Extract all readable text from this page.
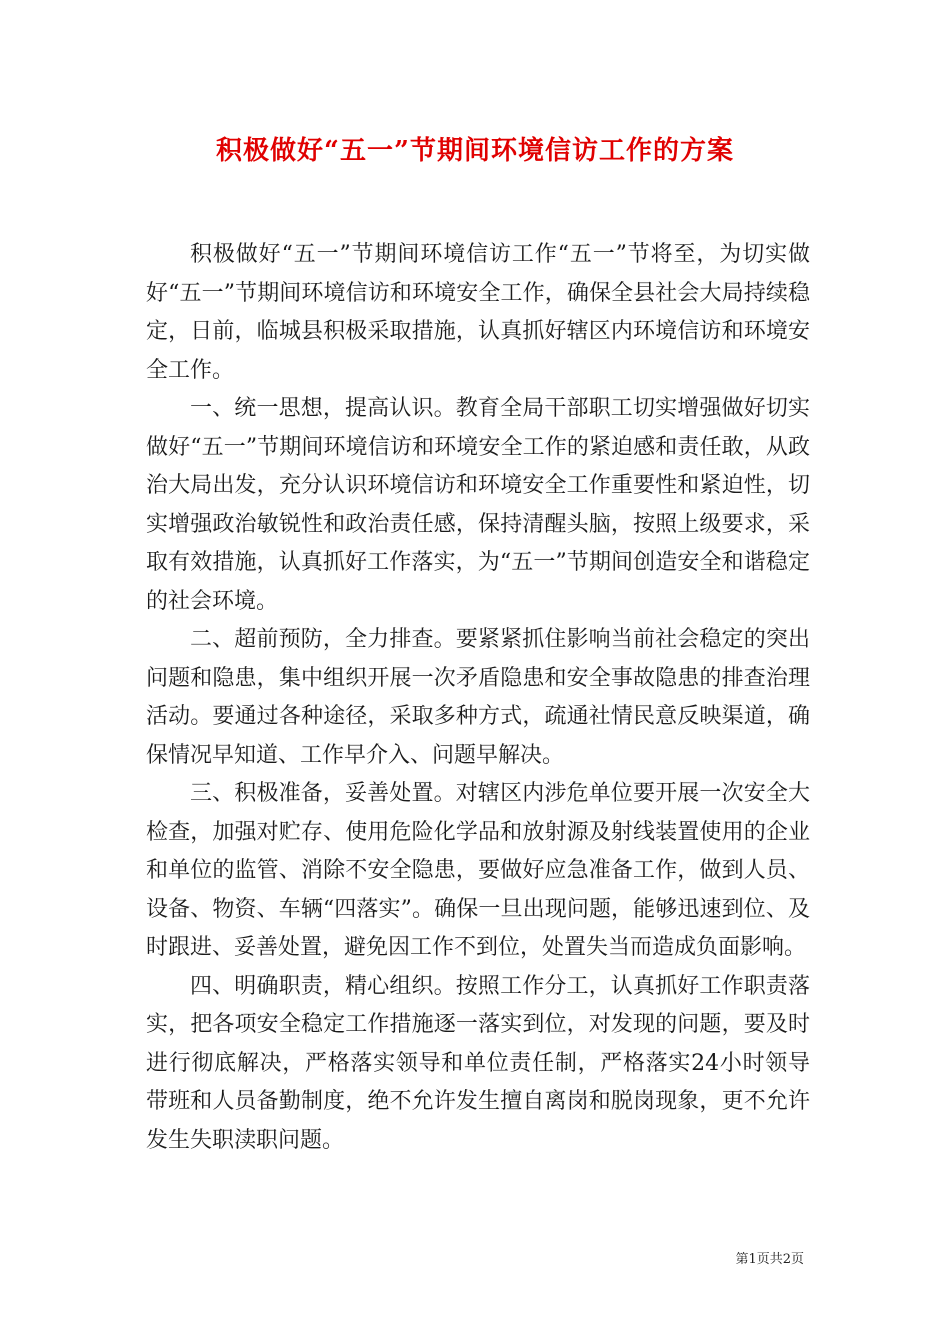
积极做好“五一”节期间环境信访工作的方案

积极做好“五一”节期间环境信访工作“五一”节将至，为切实做好“五一”节期间环境信访和环境安全工作，确保全县社会大局持续稳定，日前，临城县积极采取措施，认真抓好辖区内环境信访和环境安全工作。

一、统一思想，提高认识。教育全局干部职工切实增强做好切实做好“五一”节期间环境信访和环境安全工作的紧迫感和责任敢，从政治大局出发，充分认识环境信访和环境安全工作重要性和紧迫性，切实增强政治敏锐性和政治责任感，保持清醒头脑，按照上级要求，采取有效措施，认真抓好工作落实，为“五一”节期间创造安全和谐稳定的社会环境。

二、超前预防，全力排查。要紧紧抓住影响当前社会稳定的突出问题和隐患，集中组织开展一次矛盾隐患和安全事故隐患的排查治理活动。要通过各种途径，采取多种方式，疏通社情民意反映渠道，确保情况早知道、工作早介入、问题早解决。

三、积极准备，妥善处置。对辖区内涉危单位要开展一次安全大检查，加强对贮存、使用危险化学品和放射源及射线装置使用的企业和单位的监管、消除不安全隐患，要做好应急准备工作，做到人员、设备、物资、车辆“四落实”。确保一旦出现问题，能够迅速到位、及时跟进、妥善处置，避免因工作不到位，处置失当而造成负面影响。

四、明确职责，精心组织。按照工作分工，认真抓好工作职责落实，把各项安全稳定工作措施逐一落实到位，对发现的问题，要及时进行彻底解决，严格落实领导和单位责任制，严格落实24小时领导带班和人员备勤制度，绝不允许发生擅自离岗和脱岗现象，更不允许发生失职渎职问题。

第1页共2页
